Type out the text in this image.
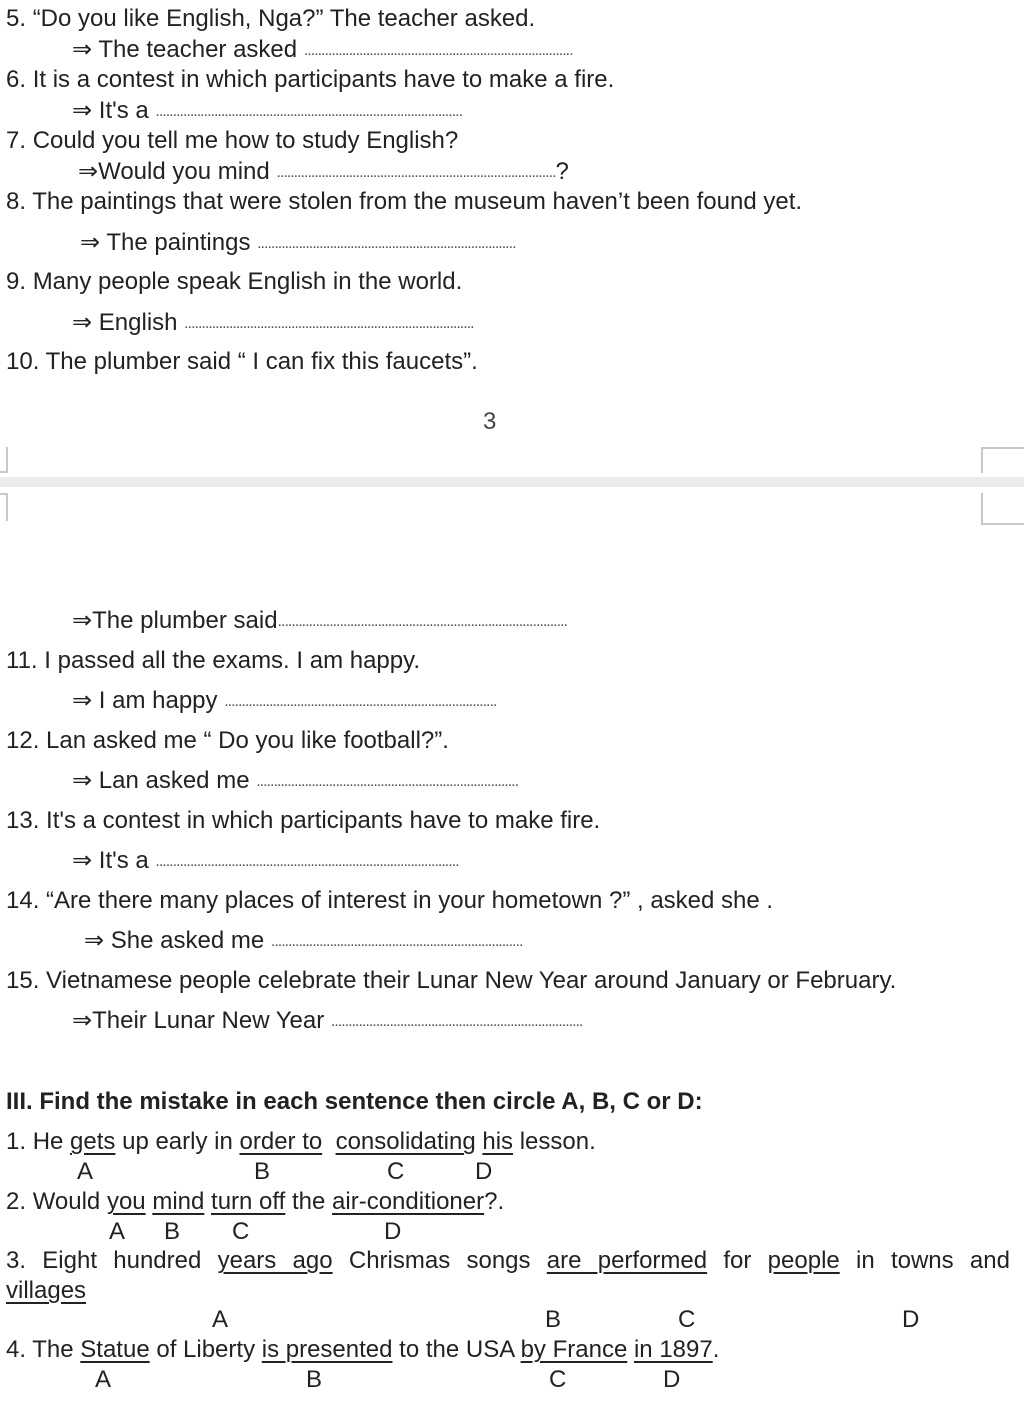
5. “Do you like English, Nga?” The teacher asked.
⇒ The teacher asked ..............................................................................
6. It is a contest in which participants have to make a fire.
⇒ It's a .........................................................................................
7. Could you tell me how to study English?
⇒Would you mind .................................................................................?
8. The paintings that were stolen from the museum haven’t been found yet.
⇒ The paintings ...........................................................................
9. Many people speak English in the world.
⇒ English ....................................................................................
10. The plumber said “ I can fix this faucets”.
3
⇒The plumber said....................................................................................
11. I passed all the exams. I am happy.
⇒ I am happy ...............................................................................
12. Lan asked me “ Do you like football?”.
⇒ Lan asked me ............................................................................
13. It's a contest in which participants have to make fire.
⇒ It's a ........................................................................................
14. “Are there many places of interest in your hometown ?” , asked she .
⇒ She asked me .........................................................................
15. Vietnamese people celebrate their Lunar New Year around January or February.
⇒Their Lunar New Year .........................................................................
III. Find the mistake in each sentence then circle A, B, C or D:
1. He gets up early in order to consolidating his lesson.
A	B	C	D
2. Would you mind turn off the air-conditioner?.
A B C	D
3. Eight hundred years ago Chrismas songs are performed for people in towns and
villages
A	B	C	D
4. The Statue of Liberty is presented to the USA by France in 1897.
A	B	C	D
